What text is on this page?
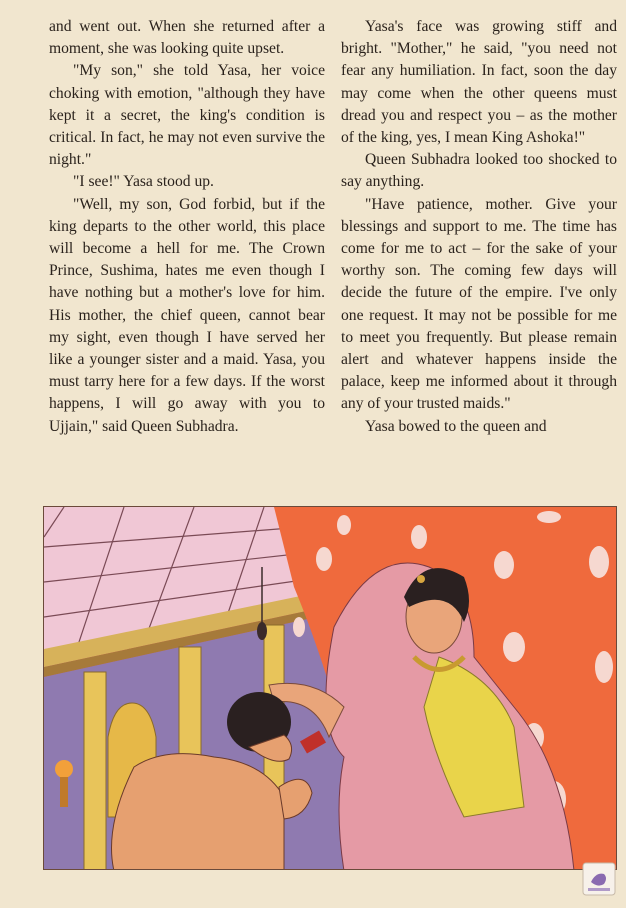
and went out. When she returned after a moment, she was looking quite upset.

"My son," she told Yasa, her voice choking with emotion, "although they have kept it a secret, the king's condition is critical. In fact, he may not even survive the night."

"I see!" Yasa stood up.

"Well, my son, God forbid, but if the king departs to the other world, this place will become a hell for me. The Crown Prince, Sushima, hates me even though I have nothing but a mother's love for him. His mother, the chief queen, cannot bear my sight, even though I have served her like a younger sister and a maid. Yasa, you must tarry here for a few days. If the worst happens, I will go away with you to Ujjain," said Queen Subhadra.

Yasa's face was growing stiff and bright. "Mother," he said, "you need not fear any humiliation. In fact, soon the day may come when the other queens must dread you and respect you – as the mother of the king, yes, I mean King Ashoka!"

Queen Subhadra looked too shocked to say anything.

"Have patience, mother. Give your blessings and support to me. The time has come for me to act – for the sake of your worthy son. The coming few days will decide the future of the empire. I've only one request. It may not be possible for me to meet you frequently. But please remain alert and whatever happens inside the palace, keep me informed about it through any of your trusted maids."

Yasa bowed to the queen and
